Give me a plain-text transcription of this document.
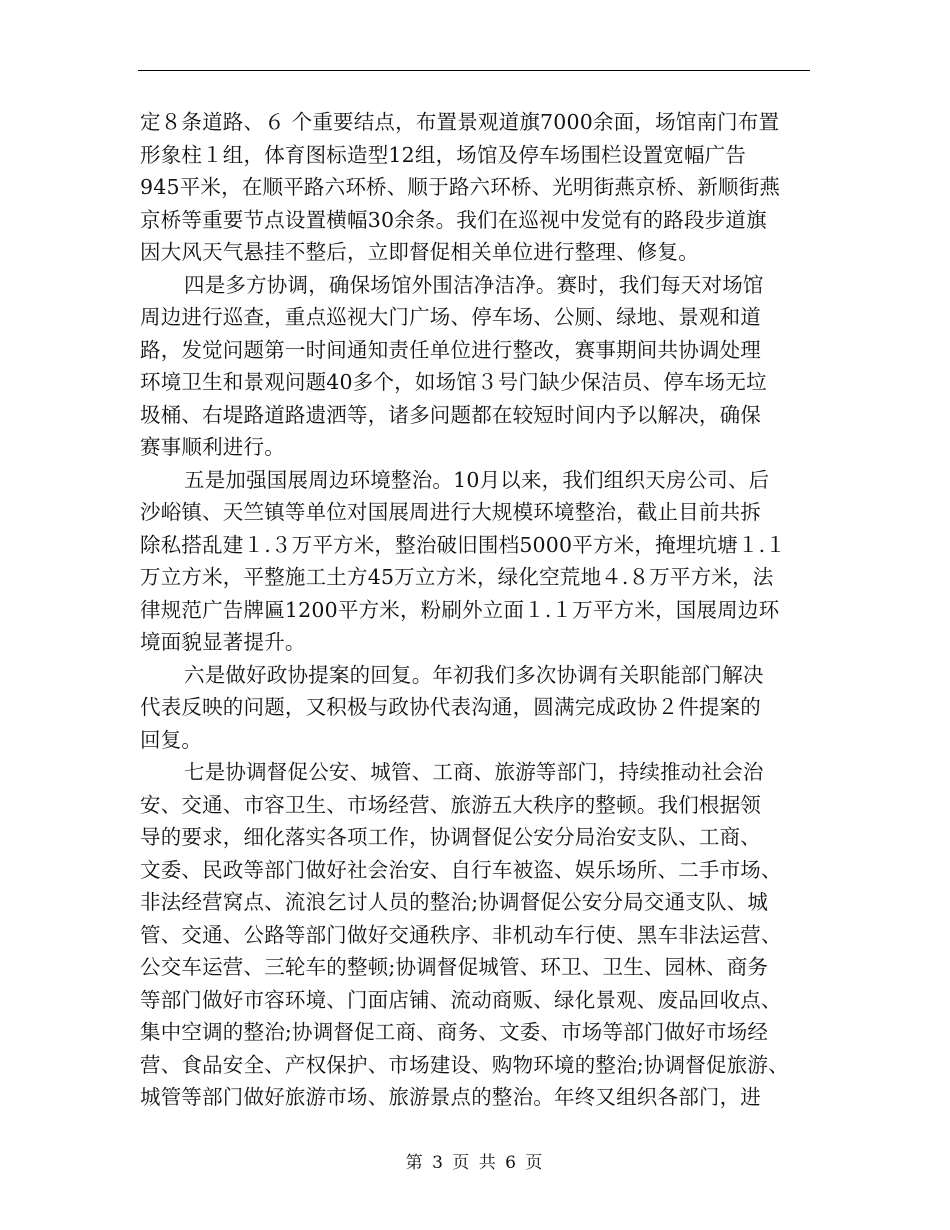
定８条道路、６ 个重要结点，布置景观道旗7000余面，场馆南门布置
形象柱１组，体育图标造型12组，场馆及停车场围栏设置宽幅广告
945平米，在顺平路六环桥、顺于路六环桥、光明街燕京桥、新顺街燕
京桥等重要节点设置横幅30余条。我们在巡视中发觉有的路段步道旗
因大风天气悬挂不整后，立即督促相关单位进行整理、修复。
四是多方协调，确保场馆外围洁净洁净。赛时，我们每天对场馆
周边进行巡查，重点巡视大门广场、停车场、公厕、绿地、景观和道
路，发觉问题第一时间通知责任单位进行整改，赛事期间共协调处理
环境卫生和景观问题40多个，如场馆３号门缺少保洁员、停车场无垃
圾桶、右堤路道路遗洒等，诸多问题都在较短时间内予以解决，确保
赛事顺利进行。
五是加强国展周边环境整治。10月以来，我们组织天房公司、后
沙峪镇、天竺镇等单位对国展周进行大规模环境整治，截止目前共拆
除私搭乱建１.３万平方米，整治破旧围档5000平方米，掩埋坑塘１.１
万立方米，平整施工土方45万立方米，绿化空荒地４.８万平方米，法
律规范广告牌匾1200平方米，粉刷外立面１.１万平方米，国展周边环
境面貌显著提升。
六是做好政协提案的回复。年初我们多次协调有关职能部门解决
代表反映的问题，又积极与政协代表沟通，圆满完成政协２件提案的
回复。
七是协调督促公安、城管、工商、旅游等部门，持续推动社会治
安、交通、市容卫生、市场经营、旅游五大秩序的整顿。我们根据领
导的要求，细化落实各项工作，协调督促公安分局治安支队、工商、
文委、民政等部门做好社会治安、自行车被盗、娱乐场所、二手市场、
非法经营窝点、流浪乞讨人员的整治;协调督促公安分局交通支队、城
管、交通、公路等部门做好交通秩序、非机动车行使、黑车非法运营、
公交车运营、三轮车的整顿;协调督促城管、环卫、卫生、园林、商务
等部门做好市容环境、门面店铺、流动商贩、绿化景观、废品回收点、
集中空调的整治;协调督促工商、商务、文委、市场等部门做好市场经
营、食品安全、产权保护、市场建设、购物环境的整治;协调督促旅游、
城管等部门做好旅游市场、旅游景点的整治。年终又组织各部门，进
第 3 页 共 6 页
